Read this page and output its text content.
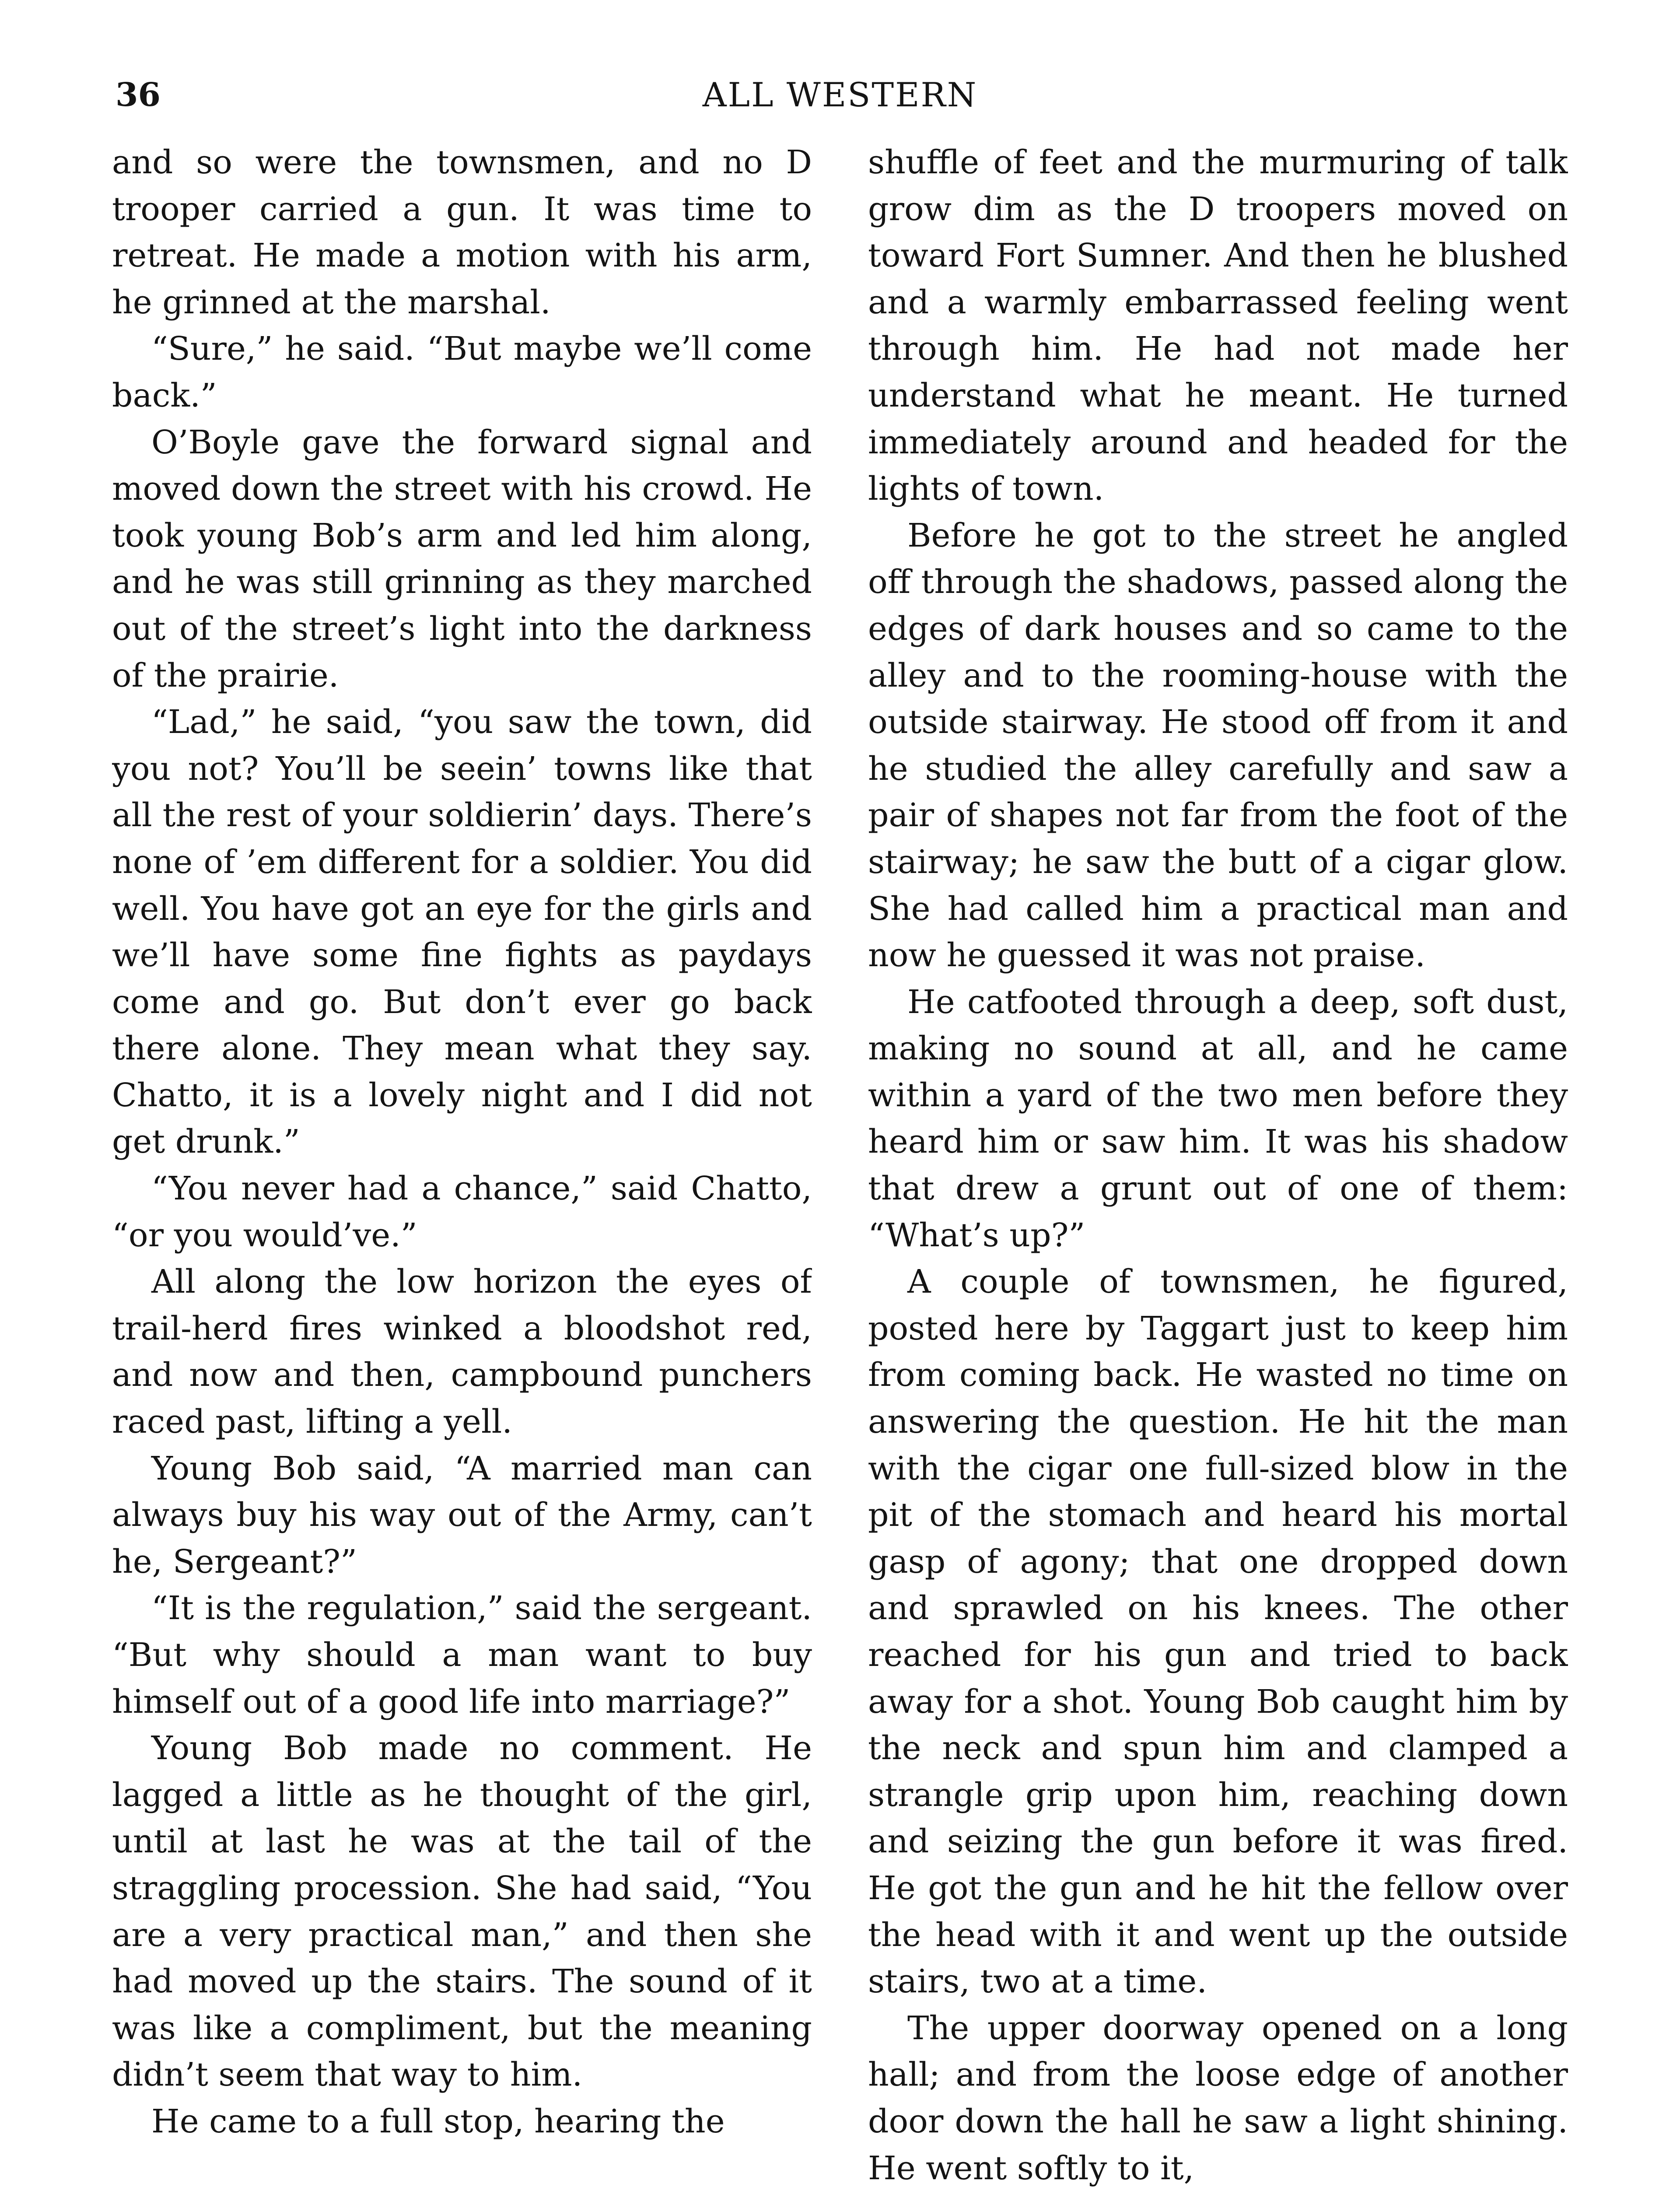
36	ALL WESTERN

and so were the townsmen, and no D trooper carried a gun. It was time to retreat. He made a motion with his arm, he grinned at the marshal.

“Sure,” he said. “But maybe we’ll come back.”

O’Boyle gave the forward signal and moved down the street with his crowd. He took young Bob’s arm and led him along, and he was still grinning as they marched out of the street’s light into the darkness of the prairie.

“Lad,” he said, “you saw the town, did you not? You’ll be seein’ towns like that all the rest of your soldierin’ days. There’s none of ’em different for a soldier. You did well. You have got an eye for the girls and we’ll have some fine fights as paydays come and go. But don’t ever go back there alone. They mean what they say. Chatto, it is a lovely night and I did not get drunk.”

“You never had a chance,” said Chatto, “or you would’ve.”

All along the low horizon the eyes of trail-herd fires winked a bloodshot red, and now and then, campbound punchers raced past, lifting a yell.

Young Bob said, “A married man can always buy his way out of the Army, can’t he, Sergeant?”

“It is the regulation,” said the sergeant. “But why should a man want to buy himself out of a good life into marriage?”

Young Bob made no comment. He lagged a little as he thought of the girl, until at last he was at the tail of the straggling procession. She had said, “You are a very practical man,” and then she had moved up the stairs. The sound of it was like a compliment, but the meaning didn’t seem that way to him.

He came to a full stop, hearing the

shuffle of feet and the murmuring of talk grow dim as the D troopers moved on toward Fort Sumner. And then he blushed and a warmly embarrassed feeling went through him. He had not made her understand what he meant. He turned immediately around and headed for the lights of town.

Before he got to the street he angled off through the shadows, passed along the edges of dark houses and so came to the alley and to the rooming-house with the outside stairway. He stood off from it and he studied the alley carefully and saw a pair of shapes not far from the foot of the stairway; he saw the butt of a cigar glow. She had called him a practical man and now he guessed it was not praise.

He catfooted through a deep, soft dust, making no sound at all, and he came within a yard of the two men before they heard him or saw him. It was his shadow that drew a grunt out of one of them: “What’s up?”

A couple of townsmen, he figured, posted here by Taggart just to keep him from coming back. He wasted no time on answering the question. He hit the man with the cigar one full-sized blow in the pit of the stomach and heard his mortal gasp of agony; that one dropped down and sprawled on his knees. The other reached for his gun and tried to back away for a shot. Young Bob caught him by the neck and spun him and clamped a strangle grip upon him, reaching down and seizing the gun before it was fired. He got the gun and he hit the fellow over the head with it and went up the outside stairs, two at a time.

The upper doorway opened on a long hall; and from the loose edge of another door down the hall he saw a light shining. He went softly to it,
